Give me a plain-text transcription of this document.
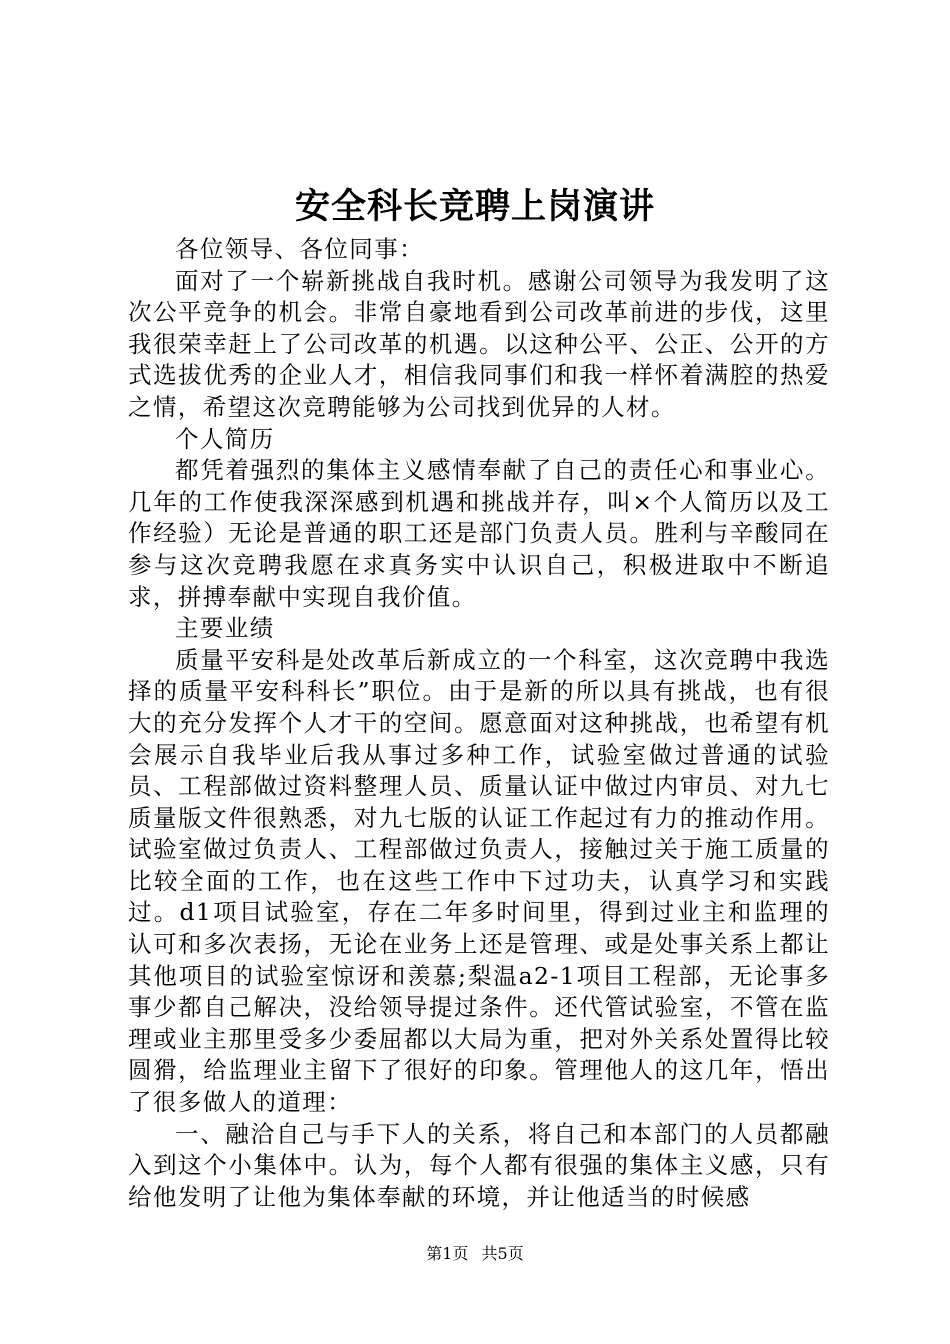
安全科长竞聘上岗演讲

各位领导、各位同事：

面对了一个崭新挑战自我时机。感谢公司领导为我发明了这次公平竞争的机会。非常自豪地看到公司改革前进的步伐，这里我很荣幸赶上了公司改革的机遇。以这种公平、公正、公开的方式选拔优秀的企业人才，相信我同事们和我一样怀着满腔的热爱之情，希望这次竞聘能够为公司找到优异的人材。

个人简历

都凭着强烈的集体主义感情奉献了自己的责任心和事业心。几年的工作使我深深感到机遇和挑战并存，叫×个人简历以及工作经验）无论是普通的职工还是部门负责人员。胜利与辛酸同在参与这次竞聘我愿在求真务实中认识自己，积极进取中不断追求，拼搏奉献中实现自我价值。

主要业绩

质量平安科是处改革后新成立的一个科室，这次竞聘中我选择的质量平安科科长”职位。由于是新的所以具有挑战，也有很大的充分发挥个人才干的空间。愿意面对这种挑战，也希望有机会展示自我毕业后我从事过多种工作，试验室做过普通的试验员、工程部做过资料整理人员、质量认证中做过内审员、对九七质量版文件很熟悉，对九七版的认证工作起过有力的推动作用。试验室做过负责人、工程部做过负责人，接触过关于施工质量的比较全面的工作，也在这些工作中下过功夫，认真学习和实践过。d1项目试验室，存在二年多时间里，得到过业主和监理的认可和多次表扬，无论在业务上还是管理、或是处事关系上都让其他项目的试验室惊讶和羡慕;梨温a2-1项目工程部，无论事多事少都自己解决，没给领导提过条件。还代管试验室，不管在监理或业主那里受多少委屈都以大局为重，把对外关系处置得比较圆猾，给监理业主留下了很好的印象。管理他人的这几年，悟出了很多做人的道理：

一、融洽自己与手下人的关系，将自己和本部门的人员都融入到这个小集体中。认为，每个人都有很强的集体主义感，只有给他发明了让他为集体奉献的环境，并让他适当的时候感

第1页 共5页
